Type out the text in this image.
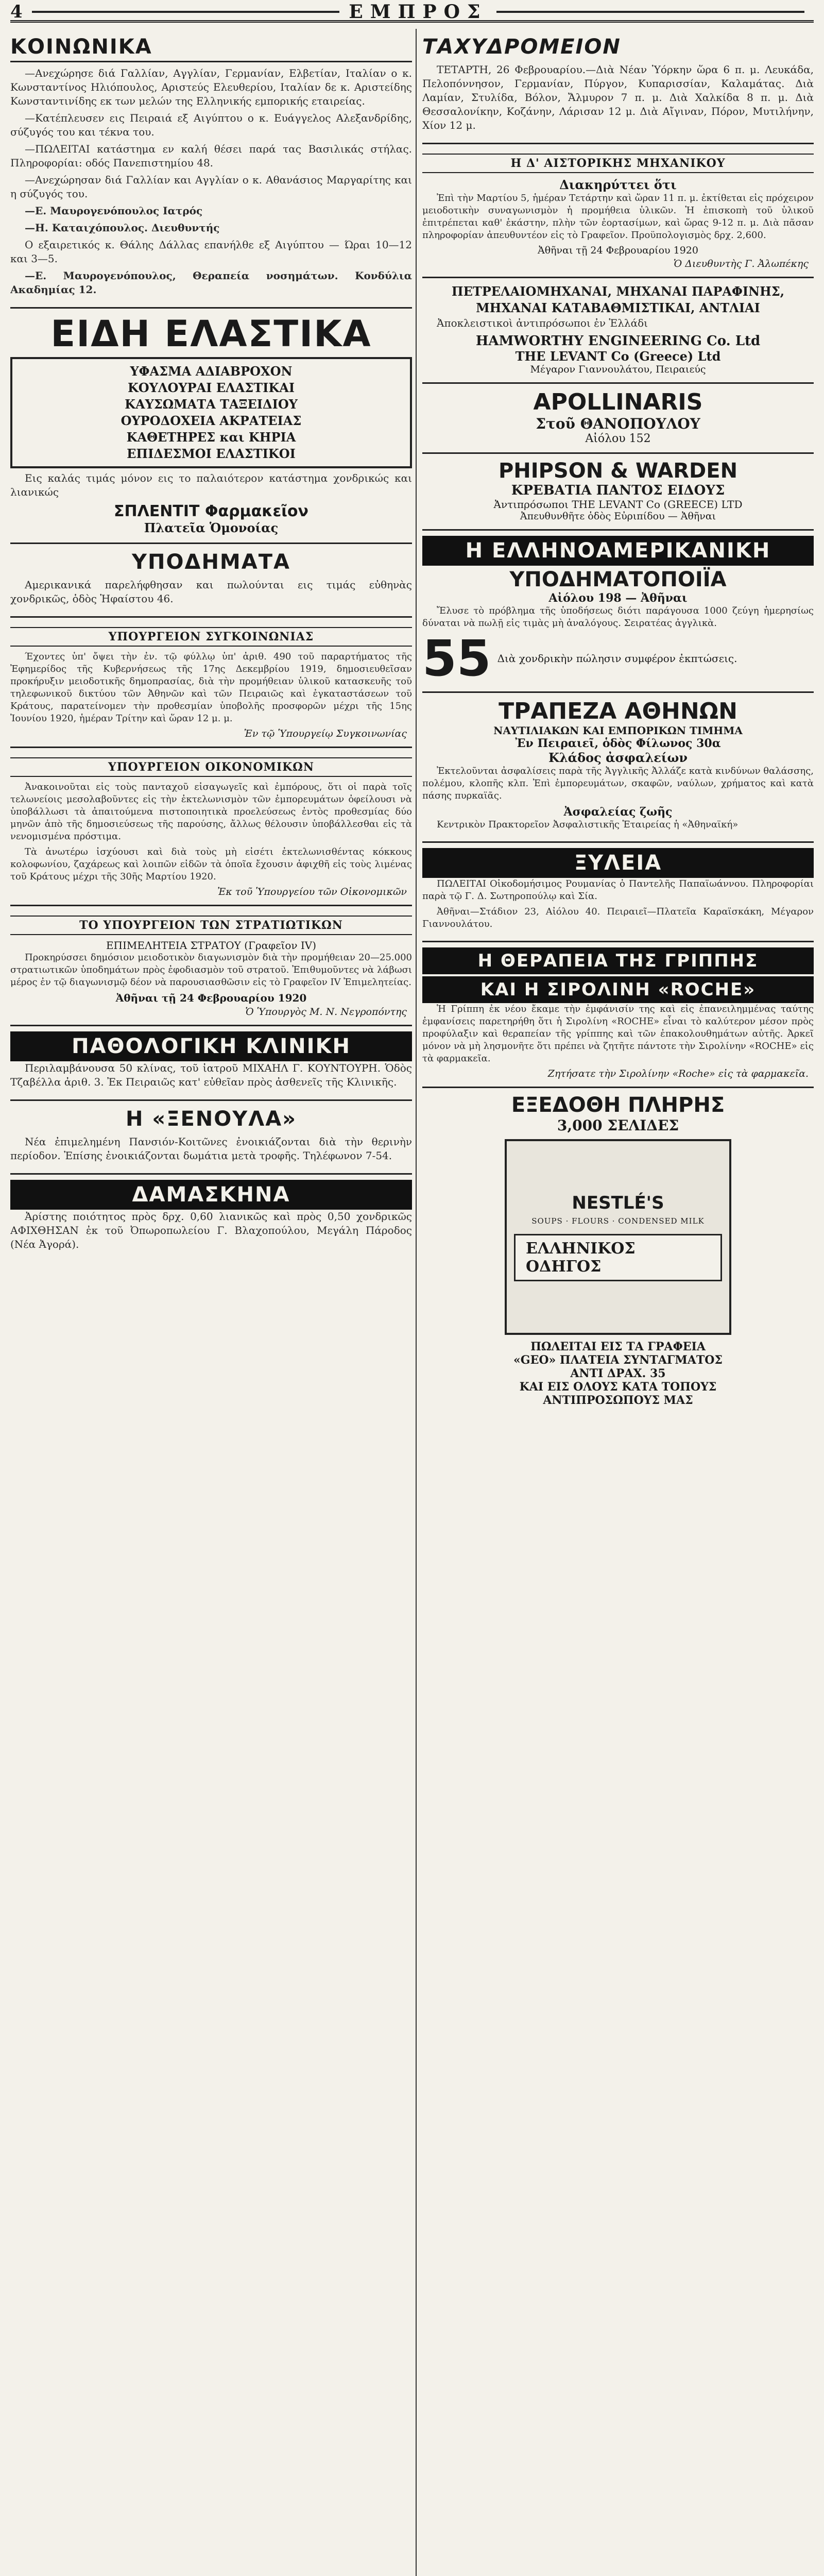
4	ΕΜΠΡΟΣ
ΚΟΙΝΩΝΙΚΑ

—Ανεχώρησε διά Γαλλίαν, Αγγλίαν, Γερμανίαν, Ελβετίαν, Ιταλίαν ο κ. Κωνσταντίνος Ηλιόπουλος, Αριστεύς Ελευθερίου, Ιταλίαν δε κ. Αριστείδης Κωνσταντινίδης εκ των μελών της Ελληνικής εμπορικής εταιρείας.

—Κατέπλευσεν εις Πειραιά εξ Αιγύπτου ο κ. Ευάγγελος Αλεξανδρίδης, σύζυγός του και τέκνα του.

—ΠΩΛΕΙΤΑΙ κατάστημα εν καλή θέσει παρά τας Βασιλικάς στήλας. Πληροφορίαι: οδός Πανεπιστημίου 48.

—Ανεχώρησαν διά Γαλλίαν και Αγγλίαν ο κ. Αθανάσιος Μαργαρίτης και η σύζυγός του.

—Ε. Μαυρογενόπουλος Ιατρός

—Η. Καταιχόπουλος. Διευθυντής

Ο εξαιρετικός κ. Θάλης Δάλλας επανήλθε εξ Αιγύπτου — Ώραι 10—12 και 3—5.

—Ε. Μαυρογενόπουλος, Θεραπεία νοσημάτων. Κονδύλια Ακαδημίας 12.

ΕΙΔΗ ΕΛΑΣΤΙΚΑ
ΥΦΑΣΜΑ ΑΔΙΑΒΡΟΧΟΝ
ΚΟΥΛΟΥΡΑΙ ΕΛΑΣΤΙΚΑΙ
ΚΑΥΣΩΜΑΤΑ ΤΑΞΕΙΔΙΟΥ
ΟΥΡΟΔΟΧΕΙΑ ΑΚΡΑΤΕΙΑΣ
ΚΑΘΕΤΗΡΕΣ και ΚΗΡΙΑ
ΕΠΙΔΕΣΜΟΙ ΕΛΑΣΤΙΚΟΙ

Εις καλάς τιμάς μόνον εις το παλαιότερον κατάστημα χονδρικώς και λιανικώς

ΣΠΛΕΝΤΙΤ Φαρμακεῖον
Πλατεῖα Ὁμονοίας
ΥΠΟΔΗΜΑΤΑ

Αμερικανικά παρελήφθησαν και πωλούνται εις τιμάς εὐθηνὰς χονδρικῶς, ὁδὸς Ἡφαίστου 46.

ΥΠΟΥΡΓΕΙΟΝ ΣΥΓΚΟΙΝΩΝΙΑΣ

Έχοντες ὑπ' ὄψει τὴν ἐν. τῷ φύλλῳ ὑπ' ἀριθ. 490 τοῦ παραρτήματος τῆς Ἐφημερίδος τῆς Κυβερνήσεως τῆς 17ης Δεκεμβρίου 1919, δημοσιευθεῖσαν προκήρυξιν μειοδοτικῆς δημοπρασίας, διὰ τὴν προμήθειαν ὑλικοῦ κατασκευῆς τοῦ τηλεφωνικοῦ δικτύου τῶν Ἀθηνῶν καὶ τῶν Πειραιῶς καὶ ἐγκαταστάσεων τοῦ Κράτους, παρατείνομεν τὴν προθεσμίαν ὑποβολῆς προσφορῶν μέχρι τῆς 15ης Ἰουνίου 1920, ἡμέραν Τρίτην καὶ ὥραν 12 μ. μ.

Ἐν τῷ Ὑπουργείῳ Συγκοινωνίας
ΥΠΟΥΡΓΕΙΟΝ ΟΙΚΟΝΟΜΙΚΩΝ

Ἀνακοινοῦται εἰς τοὺς πανταχοῦ εἰσαγωγεῖς καὶ ἐμπόρους, ὅτι οἱ παρὰ τοῖς τελωνείοις μεσολαβοῦντες εἰς τὴν ἐκτελωνισμὸν τῶν ἐμπορευμάτων ὀφείλουσι νὰ ὑποβάλλωσι τὰ ἀπαιτούμενα πιστοποιητικὰ προελεύσεως ἐντὸς προθεσμίας δύο μηνῶν ἀπὸ τῆς δημοσιεύσεως τῆς παρούσης, ἄλλως θέλουσιν ὑποβάλλεσθαι εἰς τὰ νενομισμένα πρόστιμα.

Τὰ ἀνωτέρω ἰσχύουσι καὶ διὰ τοὺς μὴ εἰσέτι ἐκτελωνισθέντας κόκκους κολοφωνίου, ζαχάρεως καὶ λοιπῶν εἰδῶν τὰ ὁποῖα ἔχουσιν ἀφιχθῆ εἰς τοὺς λιμένας τοῦ Κράτους μέχρι τῆς 30ῆς Μαρτίου 1920.

Ἐκ τοῦ Ὑπουργείου τῶν Οἰκονομικῶν
ΤΟ ΥΠΟΥΡΓΕΙΟΝ ΤΩΝ ΣΤΡΑΤΙΩΤΙΚΩΝ
ΕΠΙΜΕΛΗΤΕΙΑ ΣΤΡΑΤΟΥ (Γραφεῖον IV)

Προκηρύσσει δημόσιον μειοδοτικὸν διαγωνισμὸν διὰ τὴν προμήθειαν 20—25.000 στρατιωτικῶν ὑποδημάτων πρὸς ἐφοδιασμὸν τοῦ στρατοῦ. Ἐπιθυμοῦντες νὰ λάβωσι μέρος ἐν τῷ διαγωνισμῷ δέον νὰ παρουσιασθῶσιν εἰς τὸ Γραφεῖον IV Ἐπιμελητείας.

Ἀθῆναι τῇ 24 Φεβρουαρίου 1920
Ὁ Ὑπουργὸς Μ. Ν. Νεγροπόντης
ΠΑΘΟΛΟΓΙΚΗ ΚΛΙΝΙΚΗ

Περιλαμβάνουσα 50 κλίνας, τοῦ ἰατροῦ ΜΙΧΑΗΛ Γ. ΚΟΥΝΤΟΥΡΗ. Ὁδὸς Τζαβέλλα ἀριθ. 3. Ἐκ Πειραιῶς κατ' εὐθεῖαν πρὸς ἀσθενεῖς τῆς Κλινικῆς.

Η «ΞΕΝΟΥΛΑ»

Νέα ἐπιμελημένη Πανσιόν-Κοιτῶνες ἐνοικιάζονται διὰ τὴν θερινὴν περίοδον. Ἐπίσης ἐνοικιάζονται δωμάτια μετὰ τροφῆς. Τηλέφωνον 7-54.

ΔΑΜΑΣΚΗΝΑ

Ἀρίστης ποιότητος πρὸς δρχ. 0,60 λιανικῶς καὶ πρὸς 0,50 χονδρικῶς ΑΦΙΧΘΗΣΑΝ ἐκ τοῦ Ὀπωροπωλείου Γ. Βλαχοπούλου, Μεγάλη Πάροδος (Νέα Ἀγορά).

ΤΑΧΥΔΡΟΜΕΙΟΝ

ΤΕΤΑΡΤΗ, 26 Φεβρουαρίου.—Διὰ Νέαν Ὑόρκην ὥρα 6 π. μ. Λευκάδα, Πελοπόννησον, Γερμανίαν, Πύργον, Κυπαρισσίαν, Καλαμάτας. Διὰ Λαμίαν, Στυλίδα, Βόλον, Ἄλμυρον 7 π. μ. Διὰ Χαλκίδα 8 π. μ. Διὰ Θεσσαλονίκην, Κοζάνην, Λάρισαν 12 μ. Διὰ Αἴγιναν, Πόρον, Μυτιλήνην, Χίον 12 μ.

Η Δ' ΑΙΣΤΟΡΙΚΗΣ ΜΗΧΑΝΙΚΟΥ
Διακηρύττει ὅτι

Ἐπὶ τὴν Μαρτίου 5, ἡμέραν Τετάρτην καὶ ὥραν 11 π. μ. ἐκτίθεται εἰς πρόχειρον μειοδοτικὴν συναγωνισμὸν ἡ προμήθεια ὑλικῶν. Ἡ ἐπισκοπὴ τοῦ ὑλικοῦ ἐπιτρέπεται καθ' ἑκάστην, πλὴν τῶν ἐορτασίμων, καὶ ὥρας 9-12 π. μ. Διὰ πᾶσαν πληροφορίαν ἀπευθυντέον εἰς τὸ Γραφεῖον. Προϋπολογισμὸς δρχ. 2,600.

Ἀθῆναι τῇ 24 Φεβρουαρίου 1920
Ὁ Διευθυντὴς Γ. Ἀλωπέκης
ΠΕΤΡΕΛΑΙΟΜΗΧΑΝΑΙ, ΜΗΧΑΝΑΙ ΠΑΡΑΦΙΝΗΣ, ΜΗΧΑΝΑΙ ΚΑΤΑΒΑΘΜΙΣΤΙΚΑΙ, ΑΝΤΛΙΑΙ

Ἀποκλειστικοὶ ἀντιπρόσωποι ἐν Ἑλλάδι

HAMWORTHY ENGINEERING Co. Ltd
THE LEVANT Co (Greece) Ltd
Μέγαρον Γιαννουλάτου, Πειραιεύς
APOLLINARIS
Στοῦ ΘΑΝΟΠΟΥΛΟΥ
Αἰόλου 152
PHIPSON & WARDEN
ΚΡΕΒΑΤΙΑ ΠΑΝΤΟΣ ΕΙΔΟΥΣ
Ἀντιπρόσωποι THE LEVANT Co (GREECE) LTD
Ἀπευθυνθῆτε ὁδὸς Εὐριπίδου — Ἀθῆναι
Η ΕΛΛΗΝΟΑΜΕΡΙΚΑΝΙΚΗ
ΥΠΟΔΗΜΑΤΟΠΟΙΪΑ
Αἰόλου 198 — Ἀθῆναι

Ἔλυσε τὸ πρόβλημα τῆς ὑποδήσεως διότι παράγουσα 1000 ζεύγη ἡμερησίως δύναται νὰ πωλῇ εἰς τιμὰς μὴ ἀναλόγους. Σειρατέας ἀγγλικὰ.

55 Διὰ χονδρικὴν πώλησιν συμφέρον ἐκπτώσεις.
ΤΡΑΠΕΖΑ ΑΘΗΝΩΝ
ΝΑΥΤΙΛΙΑΚΩΝ ΚΑΙ ΕΜΠΟΡΙΚΩΝ ΤΙΜΗΜΑ
Ἐν Πειραιεῖ, ὁδὸς Φίλωνος 30α
Κλάδος ἀσφαλείων

Ἐκτελοῦνται ἀσφαλίσεις παρὰ τῆς Ἀγγλικῆς Ἀλλάζε κατὰ κινδύνων θαλάσσης, πολέμου, κλοπῆς κλπ. Ἐπὶ ἐμπορευμάτων, σκαφῶν, ναύλων, χρήματος καὶ κατὰ πάσης πυρκαϊᾶς.

Ἀσφαλείας ζωῆς

Κεντρικὸν Πρακτορεῖον Ἀσφαλιστικῆς Ἑταιρείας ἡ «Ἀθηναϊκή»

ΞΥΛΕΙΑ

ΠΩΛΕΙΤΑΙ Οἰκοδομήσιμος Ρουμανίας ὁ Παντελῆς Παπαϊωάννου. Πληροφορίαι παρὰ τῷ Γ. Δ. Σωτηροπούλῳ καὶ Σία.

Ἀθῆναι—Στάδιον 23, Αἰόλου 40. Πειραιεῖ—Πλατεῖα Καραϊσκάκη, Μέγαρον Γιαννουλάτου.

Η ΘΕΡΑΠΕΙΑ ΤΗΣ ΓΡΙΠΠΗΣ
ΚΑΙ Η ΣΙΡΟΛΙΝΗ «ROCHE»

Ἡ Γρίππη ἐκ νέου ἔκαμε τὴν ἐμφάνισίν της καὶ εἰς ἐπανειλημμένας ταύτης ἐμφανίσεις παρετηρήθη ὅτι ἡ Σιρολίνη «ROCHE» εἶναι τὸ καλύτερον μέσον πρὸς προφύλαξιν καὶ θεραπείαν τῆς γρίππης καὶ τῶν ἐπακολουθημάτων αὐτῆς. Ἀρκεῖ μόνον νὰ μὴ λησμονῆτε ὅτι πρέπει νὰ ζητῆτε πάντοτε τὴν Σιρολίνην «ROCHE» εἰς τὰ φαρμακεῖα.

Ζητήσατε τὴν Σιρολίνην «Roche» εἰς τὰ φαρμακεῖα.
ΕΞΕΔΟΘΗ ΠΛΗΡΗΣ
3,000 ΣΕΛΙΔΕΣ
NESTLÉ'S
SOUPS · FLOURS · CONDENSED MILK
ΕΛΛΗΝΙΚΟΣ ΟΔΗΓΟΣ
ΠΩΛΕΙΤΑΙ ΕΙΣ ΤΑ ΓΡΑΦΕΙΑ
«GEO» ΠΛΑΤΕΙΑ ΣΥΝΤΑΓΜΑΤΟΣ
ΑΝΤΙ ΔΡΑΧ. 35
ΚΑΙ ΕΙΣ ΟΛΟΥΣ ΚΑΤΑ ΤΟΠΟΥΣ
ΑΝΤΙΠΡΟΣΩΠΟΥΣ ΜΑΣ
